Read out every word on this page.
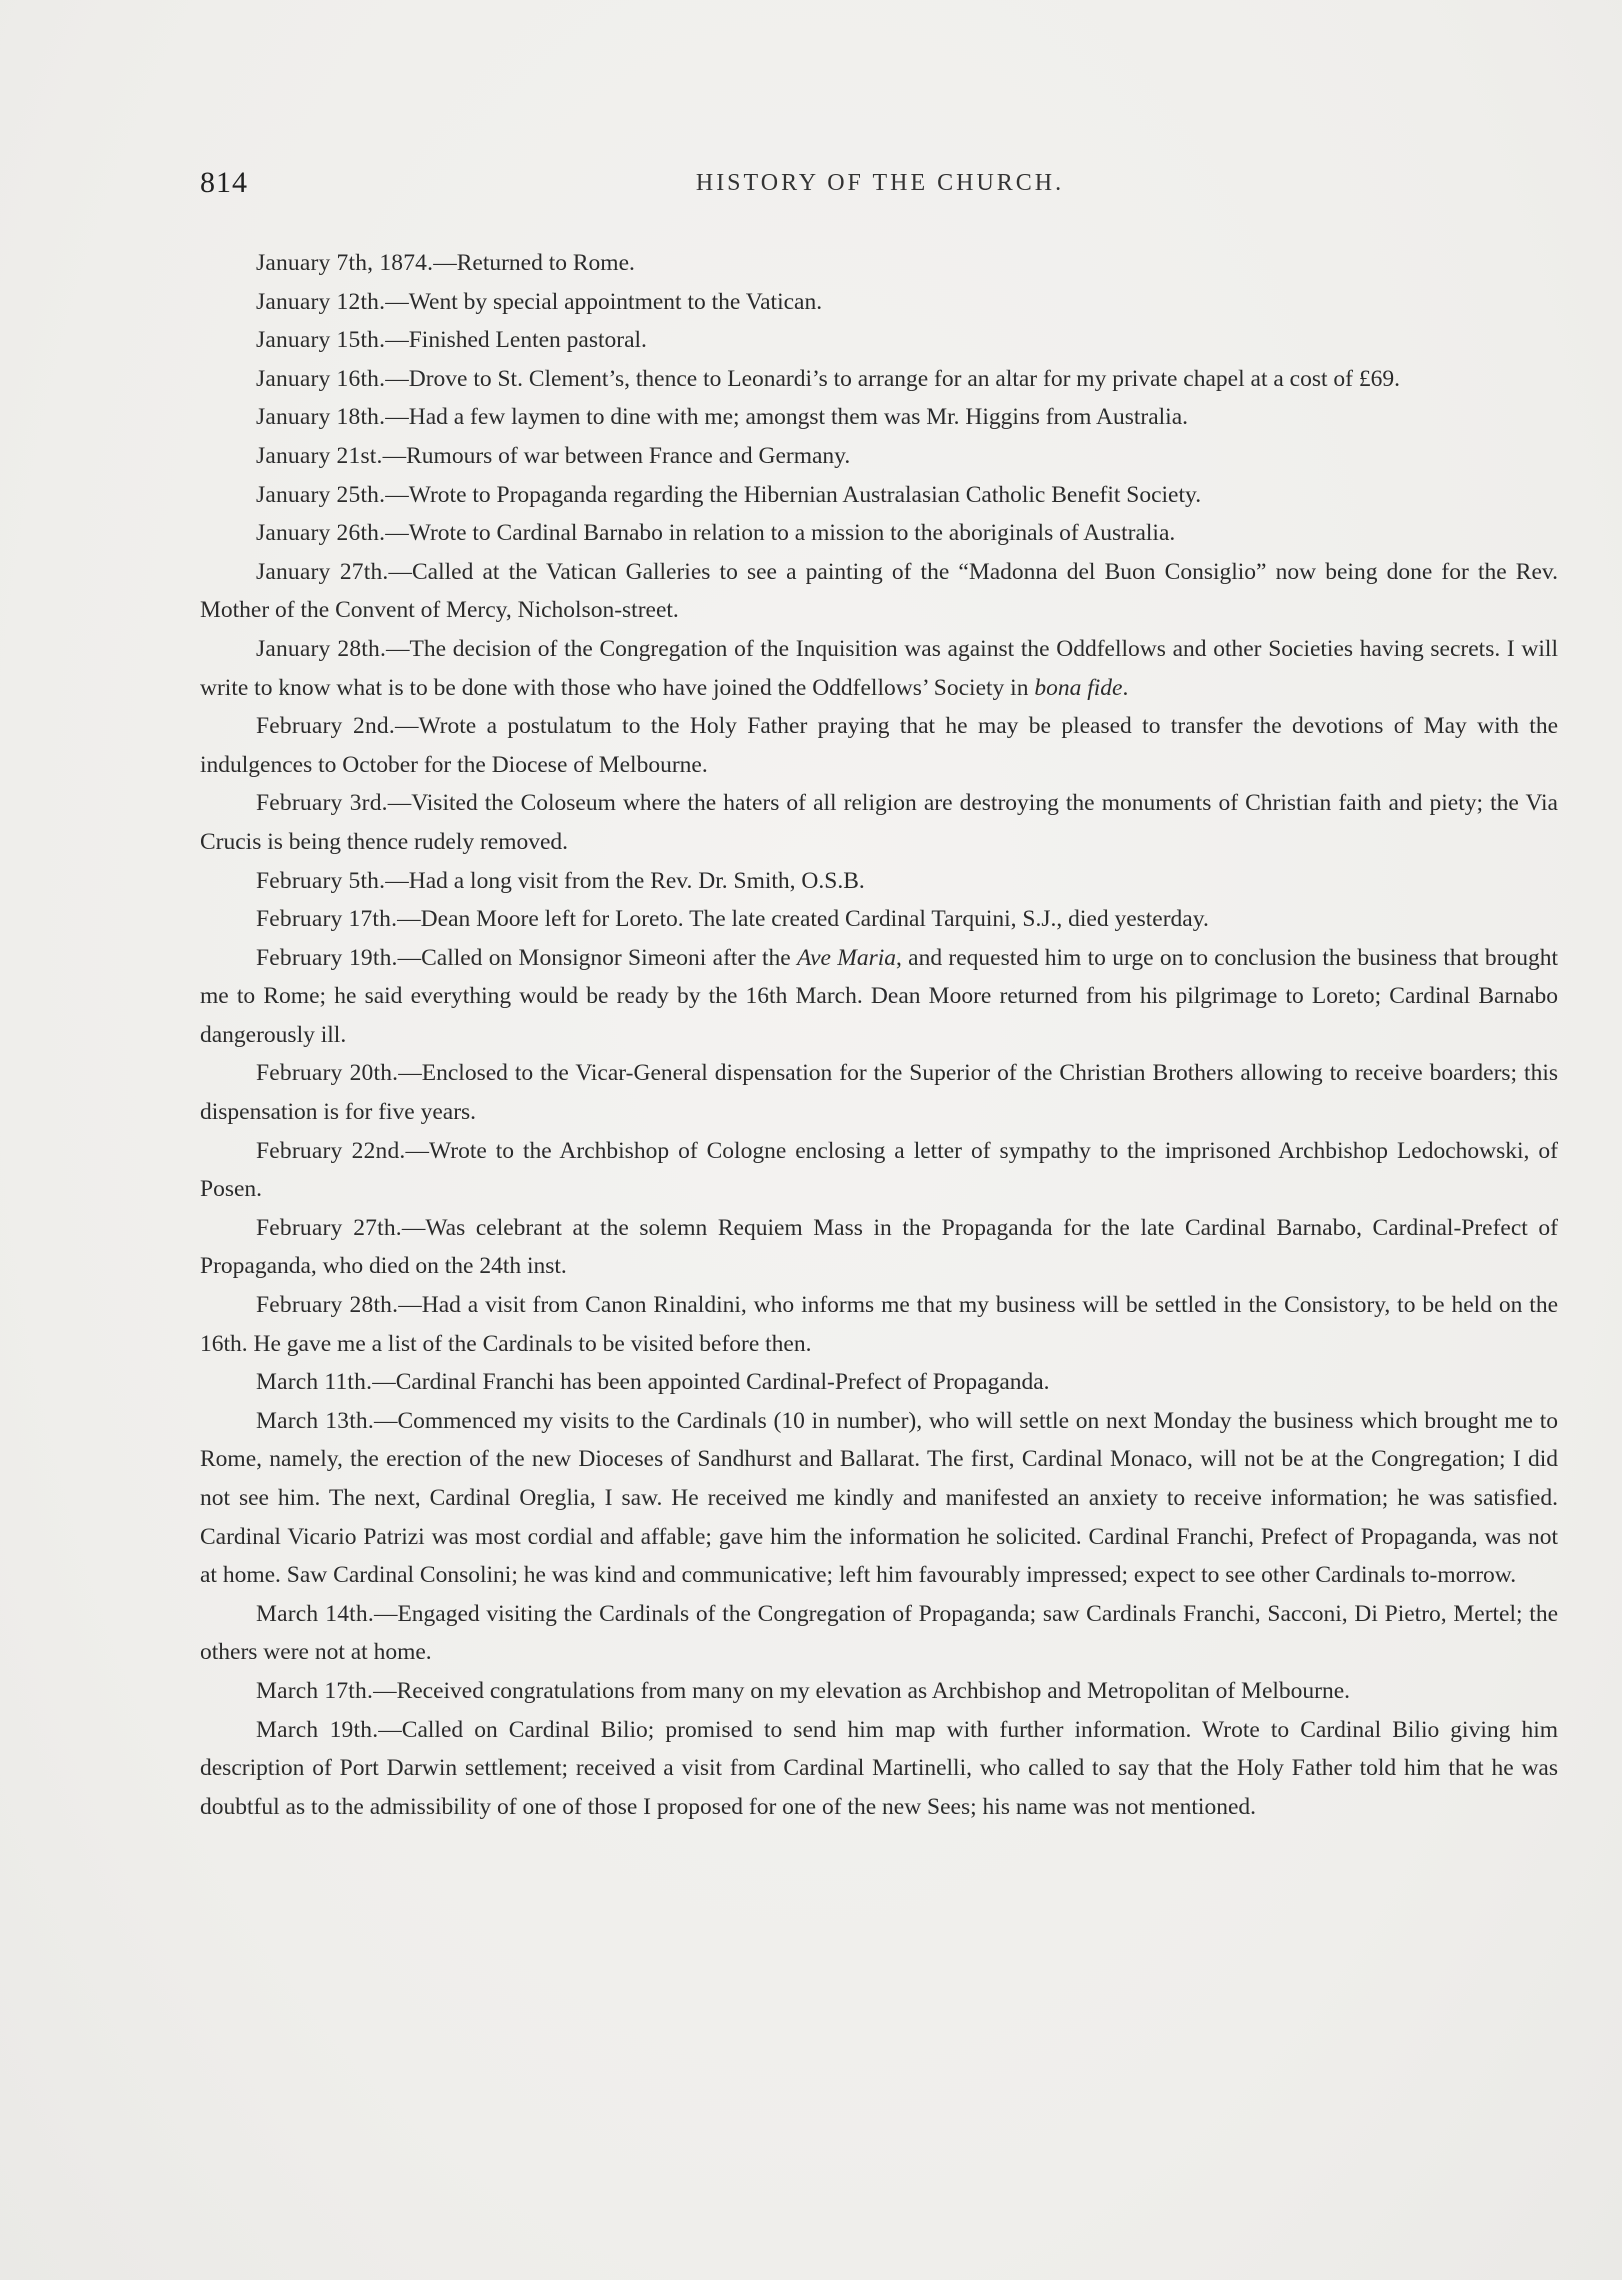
814	HISTORY OF THE CHURCH.

January 7th, 1874.—Returned to Rome.

January 12th.—Went by special appointment to the Vatican.

January 15th.—Finished Lenten pastoral.

January 16th.—Drove to St. Clement’s, thence to Leonardi’s to arrange for an altar for my private chapel at a cost of £69.

January 18th.—Had a few laymen to dine with me; amongst them was Mr. Higgins from Australia.

January 21st.—Rumours of war between France and Germany.

January 25th.—Wrote to Propaganda regarding the Hibernian Australasian Catholic Benefit Society.

January 26th.—Wrote to Cardinal Barnabo in relation to a mission to the aboriginals of Australia.

January 27th.—Called at the Vatican Galleries to see a painting of the “Madonna del Buon Consiglio” now being done for the Rev. Mother of the Convent of Mercy, Nicholson-street.

January 28th.—The decision of the Congregation of the Inquisition was against the Oddfellows and other Societies having secrets. I will write to know what is to be done with those who have joined the Oddfellows’ Society in bona fide.

February 2nd.—Wrote a postulatum to the Holy Father praying that he may be pleased to transfer the devotions of May with the indulgences to October for the Diocese of Melbourne.

February 3rd.—Visited the Coloseum where the haters of all religion are destroying the monuments of Christian faith and piety; the Via Crucis is being thence rudely removed.

February 5th.—Had a long visit from the Rev. Dr. Smith, O.S.B.

February 17th.—Dean Moore left for Loreto. The late created Cardinal Tarquini, S.J., died yesterday.

February 19th.—Called on Monsignor Simeoni after the Ave Maria, and requested him to urge on to conclusion the business that brought me to Rome; he said everything would be ready by the 16th March. Dean Moore returned from his pilgrimage to Loreto; Cardinal Barnabo dangerously ill.

February 20th.—Enclosed to the Vicar-General dispensation for the Superior of the Christian Brothers allowing to receive boarders; this dispensation is for five years.

February 22nd.—Wrote to the Archbishop of Cologne enclosing a letter of sympathy to the imprisoned Archbishop Ledochowski, of Posen.

February 27th.—Was celebrant at the solemn Requiem Mass in the Propaganda for the late Cardinal Barnabo, Cardinal-Prefect of Propaganda, who died on the 24th inst.

February 28th.—Had a visit from Canon Rinaldini, who informs me that my business will be settled in the Consistory, to be held on the 16th. He gave me a list of the Cardinals to be visited before then.

March 11th.—Cardinal Franchi has been appointed Cardinal-Prefect of Propaganda.

March 13th.—Commenced my visits to the Cardinals (10 in number), who will settle on next Monday the business which brought me to Rome, namely, the erection of the new Dioceses of Sandhurst and Ballarat. The first, Cardinal Monaco, will not be at the Congregation; I did not see him. The next, Cardinal Oreglia, I saw. He received me kindly and manifested an anxiety to receive information; he was satisfied. Cardinal Vicario Patrizi was most cordial and affable; gave him the information he solicited. Cardinal Franchi, Prefect of Propaganda, was not at home. Saw Cardinal Consolini; he was kind and communicative; left him favourably impressed; expect to see other Cardinals to-morrow.

March 14th.—Engaged visiting the Cardinals of the Congregation of Propaganda; saw Cardinals Franchi, Sacconi, Di Pietro, Mertel; the others were not at home.

March 17th.—Received congratulations from many on my elevation as Archbishop and Metropolitan of Melbourne.

March 19th.—Called on Cardinal Bilio; promised to send him map with further information. Wrote to Cardinal Bilio giving him description of Port Darwin settlement; received a visit from Cardinal Martinelli, who called to say that the Holy Father told him that he was doubtful as to the admissibility of one of those I proposed for one of the new Sees; his name was not mentioned.
